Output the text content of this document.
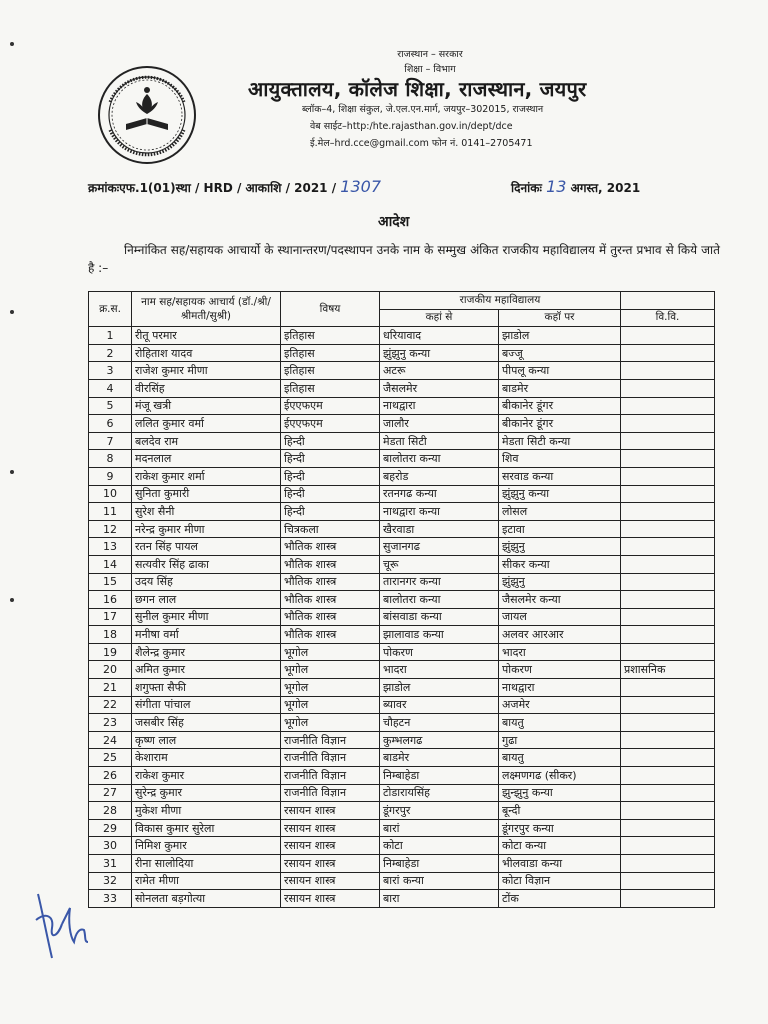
राजस्थान – सरकार
शिक्षा – विभाग
आयुक्तालय, कॉलेज शिक्षा, राजस्थान, जयपुर
ब्लॉक–4, शिक्षा संकुल, जे.एल.एन.मार्ग, जयपुर–302015, राजस्थान
वेब साईट–http:/hte.rajasthan.gov.in/dept/dce
ई.मेल–hrd.cce@gmail.com फोन नं. 0141–2705471
क्रमांकःएफ.1(01)स्था / HRD / आकाशि / 2021 / 1307	दिनांकः 13 अगस्त, 2021
आदेश
निम्नांकित सह/सहायक आचार्यो के स्थानान्तरण/पदस्थापन उनके नाम के सम्मुख अंकित राजकीय महाविद्यालय में तुरन्त प्रभाव से किये जाते है :–
क्र.स.	नाम सह/सहायक आचार्य (डॉ./श्री/श्रीमती/सुश्री)	विषय	राजकीय महाविद्यालय		
			कहां से	कहॉ पर	वि.वि.
1	रीतू परमार	इतिहास	धरियावाद	झाडोल	
2	रोहिताश यादव	इतिहास	झुंझुनु कन्या	बज्जू	
3	राजेश कुमार मीणा	इतिहास	अटरू	पीपलू कन्या	
4	वीरसिंह	इतिहास	जैसलमेर	बाडमेर	
5	मंजू खत्री	ईएएफएम	नाथद्वारा	बीकानेर डूंगर	
6	ललित कुमार वर्मा	ईएएफएम	जालौर	बीकानेर डूंगर	
7	बलदेव राम	हिन्दी	मेडता सिटी	मेडता सिटी कन्या	
8	मदनलाल	हिन्दी	बालोतरा कन्या	शिव	
9	राकेश कुमार शर्मा	हिन्दी	बहरोड	सरवाड कन्या	
10	सुनिता कुमारी	हिन्दी	रतनगढ कन्या	झुंझुनु कन्या	
11	सुरेश सैनी	हिन्दी	नाथद्वारा कन्या	लोसल	
12	नरेन्द्र कुमार मीणा	चित्रकला	खैरवाडा	इटावा	
13	रतन सिंह पायल	भौतिक शास्त्र	सुजानगढ	झुंझुनु	
14	सत्यवीर सिंह ढाका	भौतिक शास्त्र	चूरू	सीकर कन्या	
15	उदय सिंह	भौतिक शास्त्र	तारानगर कन्या	झुंझुनु	
16	छगन लाल	भौतिक शास्त्र	बालोतरा कन्या	जैसलमेर कन्या	
17	सुनील कुमार मीणा	भौतिक शास्त्र	बांसवाडा कन्या	जायल	
18	मनीषा वर्मा	भौतिक शास्त्र	झालावाड कन्या	अलवर आरआर	
19	शैलेन्द्र कुमार	भूगोल	पोकरण	भादरा	
20	अमित कुमार	भूगोल	भादरा	पोकरण	प्रशासनिक
21	शगुफ्ता सैफी	भूगोल	झाडोल	नाथद्वारा	
22	संगीता पांचाल	भूगोल	ब्यावर	अजमेर	
23	जसबीर सिंह	भूगोल	चौहटन	बायतु	
24	कृष्ण लाल	राजनीति विज्ञान	कुम्भलगढ	गुढा	
25	केशाराम	राजनीति विज्ञान	बाडमेर	बायतु	
26	राकेश कुमार	राजनीति विज्ञान	निम्बाहेडा	लक्ष्मणगढ (सीकर)	
27	सुरेन्द्र कुमार	राजनीति विज्ञान	टोडारायसिंह	झुन्झुनु कन्या	
28	मुकेश मीणा	रसायन शास्त्र	डूंगरपुर	बून्दी	
29	विकास कुमार सुरेला	रसायन शास्त्र	बारां	डूंगरपुर कन्या	
30	निमिश कुमार	रसायन शास्त्र	कोटा	कोटा कन्या	
31	रीना सालोदिया	रसायन शास्त्र	निम्बाहेडा	भीलवाडा कन्या	
32	रामेत मीणा	रसायन शास्त्र	बारां कन्या	कोटा विज्ञान	
33	सोनलता बड़गोत्या	रसायन शास्त्र	बारा	टोंक	
